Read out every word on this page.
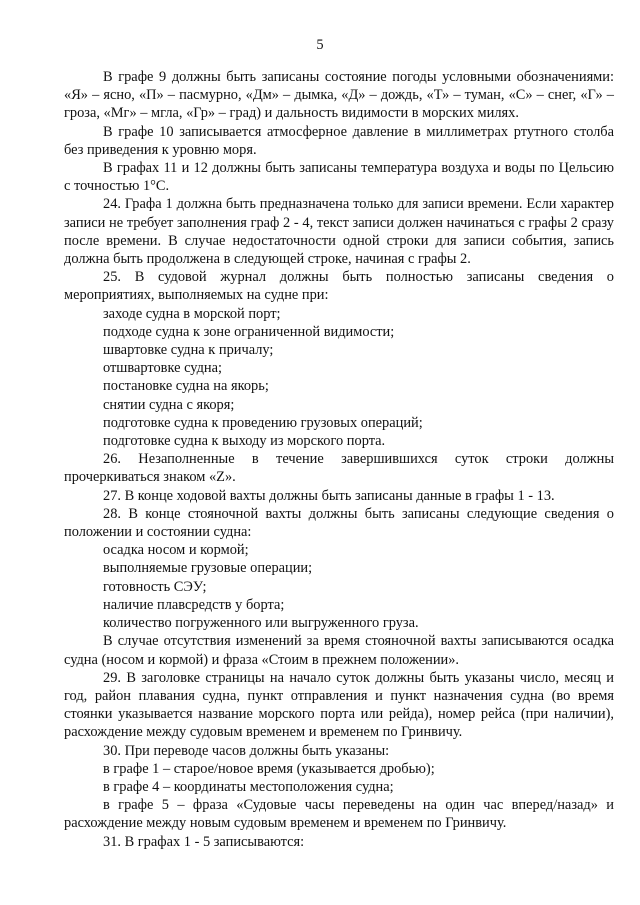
5

В графе 9 должны быть записаны состояние погоды условными обозначениями: «Я» – ясно, «П» – пасмурно, «Дм» – дымка, «Д» – дождь, «Т» – туман, «С» – снег, «Г» – гроза, «Мг» – мгла, «Гр» – град) и дальность видимости в морских милях.

В графе 10 записывается атмосферное давление в миллиметрах ртутного столба без приведения к уровню моря.

В графах 11 и 12 должны быть записаны температура воздуха и воды по Цельсию с точностью 1°С.

24. Графа 1 должна быть предназначена только для записи времени. Если характер записи не требует заполнения граф 2 - 4, текст записи должен начинаться с графы 2 сразу после времени. В случае недостаточности одной строки для записи события, запись должна быть продолжена в следующей строке, начиная с графы 2.

25. В судовой журнал должны быть полностью записаны сведения о мероприятиях, выполняемых на судне при:

заходе судна в морской порт;

подходе судна к зоне ограниченной видимости;

швартовке судна к причалу;

отшвартовке судна;

постановке судна на якорь;

снятии судна с якоря;

подготовке судна к проведению грузовых операций;

подготовке судна к выходу из морского порта.

26. Незаполненные в течение завершившихся суток строки должны прочеркиваться знаком «Z».

27. В конце ходовой вахты должны быть записаны данные в графы 1 - 13.

28. В конце стояночной вахты должны быть записаны следующие сведения о положении и состоянии судна:

осадка носом и кормой;

выполняемые грузовые операции;

готовность СЭУ;

наличие плавсредств у борта;

количество погруженного или выгруженного груза.

В случае отсутствия изменений за время стояночной вахты записываются осадка судна (носом и кормой) и фраза «Стоим в прежнем положении».

29. В заголовке страницы на начало суток должны быть указаны число, месяц и год, район плавания судна, пункт отправления и пункт назначения судна (во время стоянки указывается название морского порта или рейда), номер рейса (при наличии), расхождение между судовым временем и временем по Гринвичу.

30. При переводе часов должны быть указаны:

в графе 1 – старое/новое время (указывается дробью);

в графе 4 – координаты местоположения судна;

в графе 5 – фраза «Судовые часы переведены на один час вперед/назад» и расхождение между новым судовым временем и временем по Гринвичу.

31. В графах 1 - 5 записываются:
